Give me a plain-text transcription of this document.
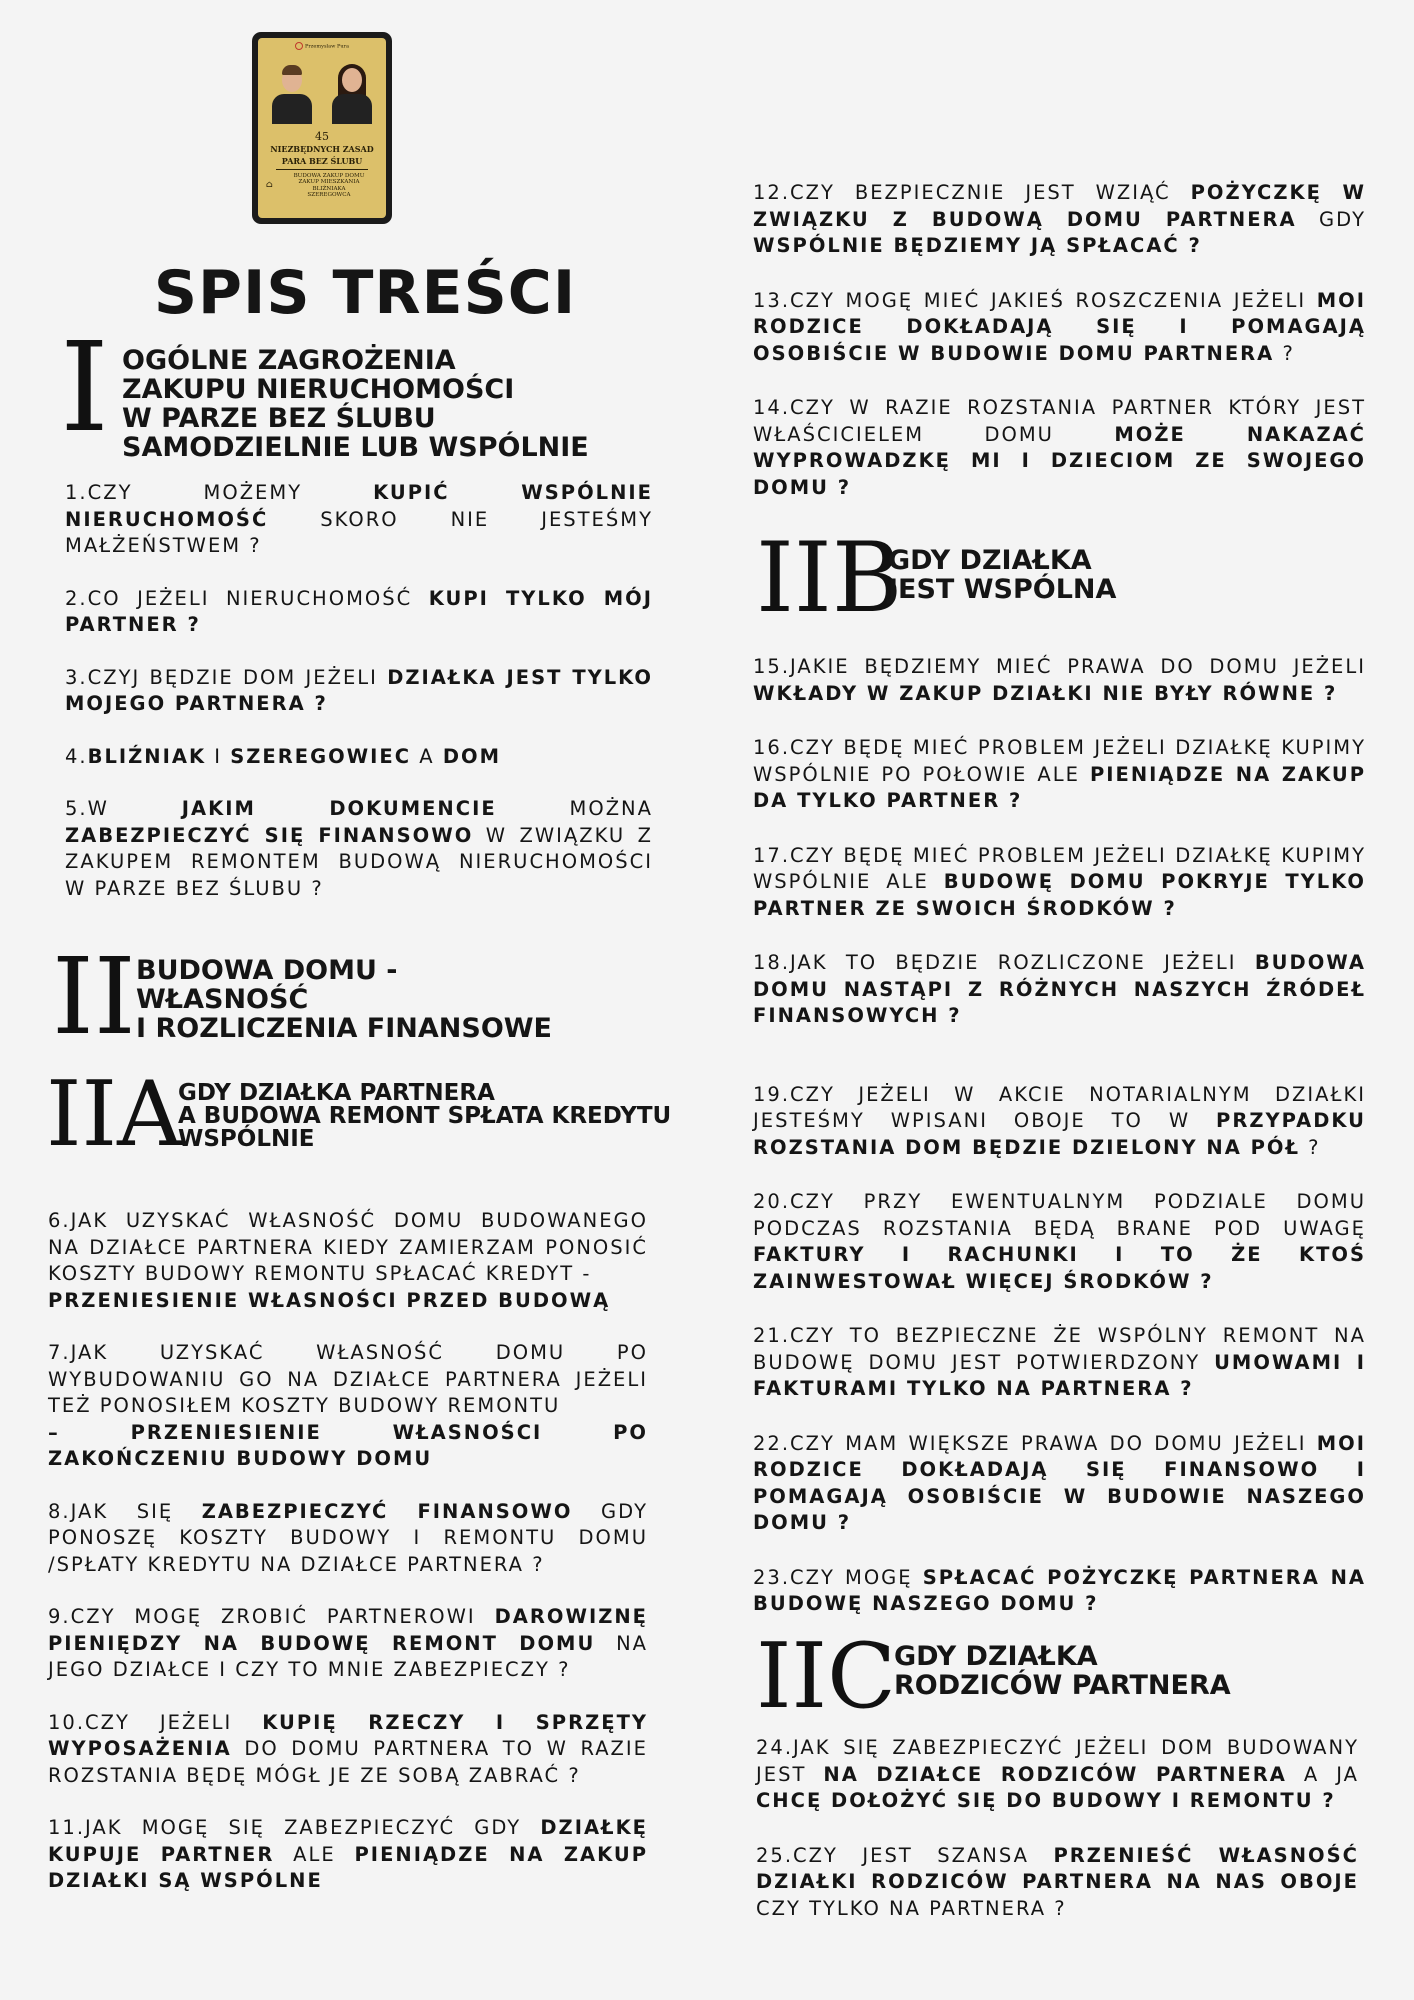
Przemyslaw Pura
45
NIEZBĘDNYCH ZASAD
PARA BEZ ŚLUBU
⌂
BUDOWA ZAKUP DOMU
ZAKUP MIESZKANIA
BLIŹNIAKA
SZEREGOWCA
SPIS TREŚCI
I OGÓLNE ZAGROŻENIA
ZAKUPU NIERUCHOMOŚCI
W PARZE BEZ ŚLUBU
SAMODZIELNIE LUB WSPÓLNIE

1.CZY MOŻEMY KUPIĆ WSPÓLNIE NIERUCHOMOŚĆ SKORO NIE JESTEŚMY MAŁŻEŃSTWEM ?

2.CO JEŻELI NIERUCHOMOŚĆ KUPI TYLKO MÓJ PARTNER ?

3.CZYJ BĘDZIE DOM JEŻELI DZIAŁKA JEST TYLKO MOJEGO PARTNERA ?

4.BLIŹNIAK I SZEREGOWIEC A DOM

5.W JAKIM DOKUMENCIE MOŻNA ZABEZPIECZYĆ SIĘ FINANSOWO W ZWIĄZKU Z ZAKUPEM REMONTEM BUDOWĄ NIERUCHOMOŚCI W PARZE BEZ ŚLUBU ?

II BUDOWA DOMU -
WŁASNOŚĆ
I ROZLICZENIA FINANSOWE
IIA
GDY DZIAŁKA PARTNERA
A BUDOWA REMONT SPŁATA KREDYTU
WSPÓLNIE

6.JAK UZYSKAĆ WŁASNOŚĆ DOMU BUDOWANEGO NA DZIAŁCE PARTNERA KIEDY ZAMIERZAM PONOSIĆ KOSZTY BUDOWY REMONTU SPŁACAĆ KREDYT -
PRZENIESIENIE WŁASNOŚCI PRZED BUDOWĄ

7.JAK UZYSKAĆ WŁASNOŚĆ DOMU PO WYBUDOWANIU GO NA DZIAŁCE PARTNERA JEŻELI TEŻ PONOSIŁEM KOSZTY BUDOWY REMONTU
– PRZENIESIENIE WŁASNOŚCI PO ZAKOŃCZENIU BUDOWY DOMU

8.JAK SIĘ ZABEZPIECZYĆ FINANSOWO GDY PONOSZĘ KOSZTY BUDOWY I REMONTU DOMU /SPŁATY KREDYTU NA DZIAŁCE PARTNERA ?

9.CZY MOGĘ ZROBIĆ PARTNEROWI DAROWIZNĘ PIENIĘDZY NA BUDOWĘ REMONT DOMU NA JEGO DZIAŁCE I CZY TO MNIE ZABEZPIECZY ?

10.CZY JEŻELI KUPIĘ RZECZY I SPRZĘTY WYPOSAŻENIA DO DOMU PARTNERA TO W RAZIE ROZSTANIA BĘDĘ MÓGŁ JE ZE SOBĄ ZABRAĆ ?

11.JAK MOGĘ SIĘ ZABEZPIECZYĆ GDY DZIAŁKĘ KUPUJE PARTNER ALE PIENIĄDZE NA ZAKUP DZIAŁKI SĄ WSPÓLNE

12.CZY BEZPIECZNIE JEST WZIĄĆ POŻYCZKĘ W ZWIĄZKU Z BUDOWĄ DOMU PARTNERA GDY WSPÓLNIE BĘDZIEMY JĄ SPŁACAĆ ?

13.CZY MOGĘ MIEĆ JAKIEŚ ROSZCZENIA JEŻELI MOI RODZICE DOKŁADAJĄ SIĘ I POMAGAJĄ OSOBIŚCIE W BUDOWIE DOMU PARTNERA ?

14.CZY W RAZIE ROZSTANIA PARTNER KTÓRY JEST WŁAŚCICIELEM DOMU MOŻE NAKAZAĆ WYPROWADZKĘ MI I DZIECIOM ZE SWOJEGO DOMU ?

IIB
GDY DZIAŁKA
JEST WSPÓLNA

15.JAKIE BĘDZIEMY MIEĆ PRAWA DO DOMU JEŻELI WKŁADY W ZAKUP DZIAŁKI NIE BYŁY RÓWNE ?

16.CZY BĘDĘ MIEĆ PROBLEM JEŻELI DZIAŁKĘ KUPIMY WSPÓLNIE PO POŁOWIE ALE PIENIĄDZE NA ZAKUP DA TYLKO PARTNER ?

17.CZY BĘDĘ MIEĆ PROBLEM JEŻELI DZIAŁKĘ KUPIMY WSPÓLNIE ALE BUDOWĘ DOMU POKRYJE TYLKO PARTNER ZE SWOICH ŚRODKÓW ?

18.JAK TO BĘDZIE ROZLICZONE JEŻELI BUDOWA DOMU NASTĄPI Z RÓŻNYCH NASZYCH ŹRÓDEŁ FINANSOWYCH ?

19.CZY JEŻELI W AKCIE NOTARIALNYM DZIAŁKI JESTEŚMY WPISANI OBOJE TO W PRZYPADKU ROZSTANIA DOM BĘDZIE DZIELONY NA PÓŁ ?

20.CZY PRZY EWENTUALNYM PODZIALE DOMU PODCZAS ROZSTANIA BĘDĄ BRANE POD UWAGĘ FAKTURY I RACHUNKI I TO ŻE KTOŚ ZAINWESTOWAŁ WIĘCEJ ŚRODKÓW ?

21.CZY TO BEZPIECZNE ŻE WSPÓLNY REMONT NA BUDOWĘ DOMU JEST POTWIERDZONY UMOWAMI I FAKTURAMI TYLKO NA PARTNERA ?

22.CZY MAM WIĘKSZE PRAWA DO DOMU JEŻELI MOI RODZICE DOKŁADAJĄ SIĘ FINANSOWO I POMAGAJĄ OSOBIŚCIE W BUDOWIE NASZEGO DOMU ?

23.CZY MOGĘ SPŁACAĆ POŻYCZKĘ PARTNERA NA BUDOWĘ NASZEGO DOMU ?

IIC
GDY DZIAŁKA
RODZICÓW PARTNERA

24.JAK SIĘ ZABEZPIECZYĆ JEŻELI DOM BUDOWANY JEST NA DZIAŁCE RODZICÓW PARTNERA A JA CHCĘ DOŁOŻYĆ SIĘ DO BUDOWY I REMONTU ?

25.CZY JEST SZANSA PRZENIEŚĆ WŁASNOŚĆ DZIAŁKI RODZICÓW PARTNERA NA NAS OBOJE CZY TYLKO NA PARTNERA ?
